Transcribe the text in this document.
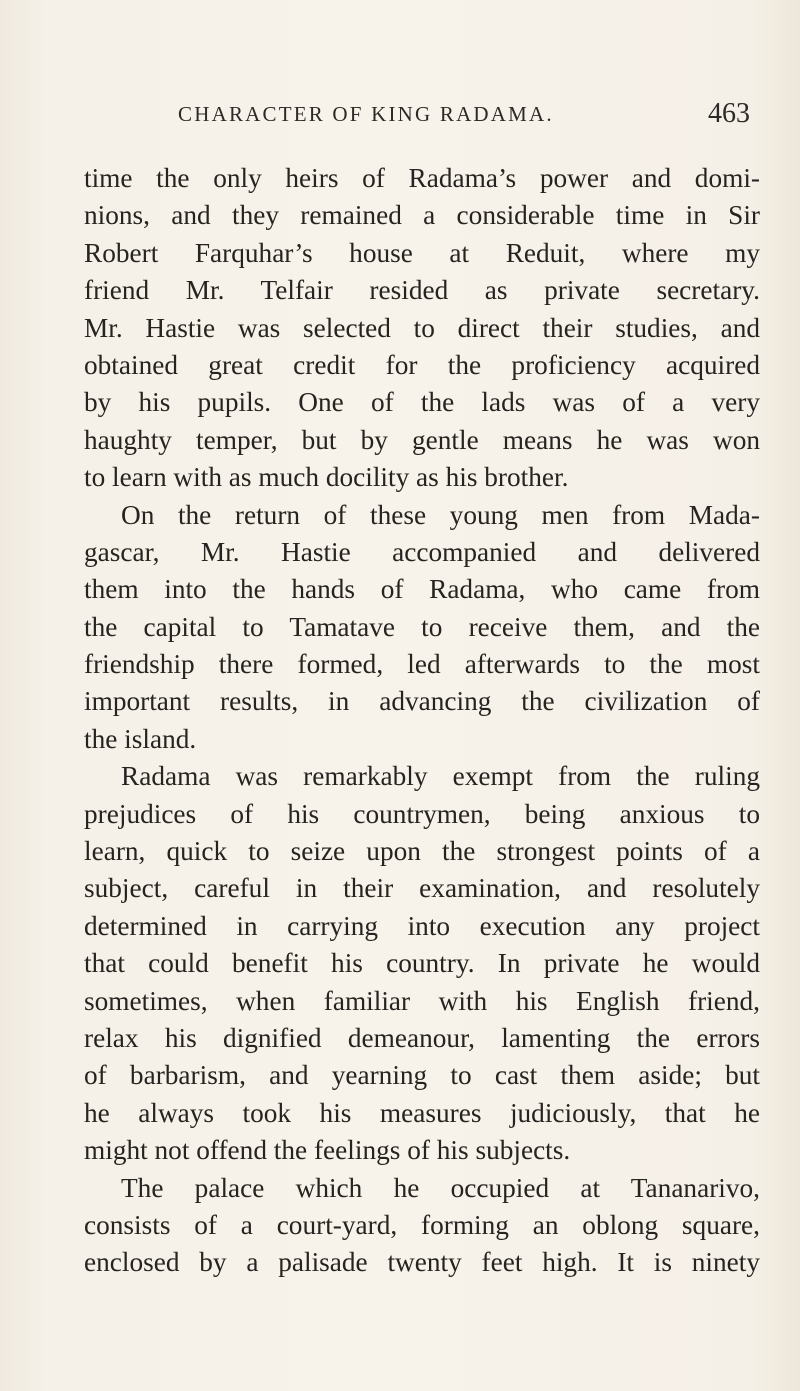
CHARACTER OF KING RADAMA.	463
time the only heirs of Radama’s power and domi-
nions, and they remained a considerable time in Sir
Robert Farquhar’s house at Reduit, where my
friend Mr. Telfair resided as private secretary.
Mr. Hastie was selected to direct their studies, and
obtained great credit for the proficiency acquired
by his pupils. One of the lads was of a very
haughty temper, but by gentle means he was won
to learn with as much docility as his brother.
On the return of these young men from Mada-
gascar, Mr. Hastie accompanied and delivered
them into the hands of Radama, who came from
the capital to Tamatave to receive them, and the
friendship there formed, led afterwards to the most
important results, in advancing the civilization of
the island.
Radama was remarkably exempt from the ruling
prejudices of his countrymen, being anxious to
learn, quick to seize upon the strongest points of a
subject, careful in their examination, and resolutely
determined in carrying into execution any project
that could benefit his country. In private he would
sometimes, when familiar with his English friend,
relax his dignified demeanour, lamenting the errors
of barbarism, and yearning to cast them aside; but
he always took his measures judiciously, that he
might not offend the feelings of his subjects.
The palace which he occupied at Tananarivo,
consists of a court-yard, forming an oblong square,
enclosed by a palisade twenty feet high. It is ninety
